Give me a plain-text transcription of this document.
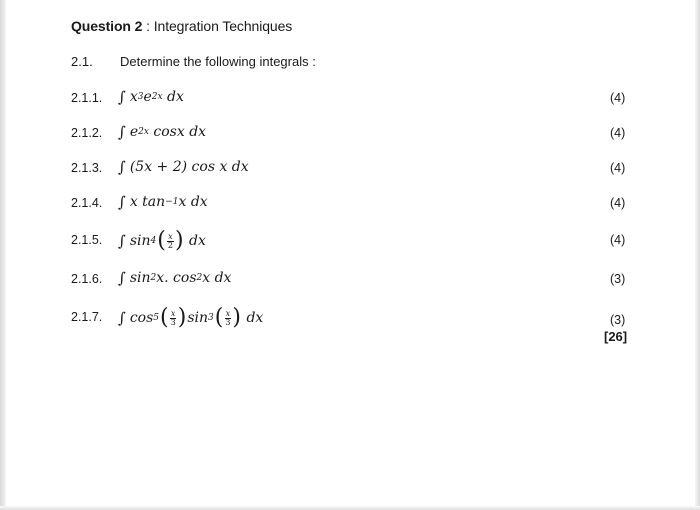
Question 2 : Integration Techniques
2.1. Determine the following integrals :
2.1.1. ∫ x 3 e 2x
dx	(4)
2.1.2. ∫ e 2x
cosx
dx	(4)
2.1.3. ∫ (5x + 2) cos x
dx	(4)
2.1.4. ∫ x tan −1 x
dx	(4)
2.1.5. ∫ sin 4 ( x
2 )
dx	(4)
2.1.6. ∫ sin 2 x. cos 2 x
dx	(3)
2.1.7. ∫ cos 5 ( x
3 ) sin 3 ( x
3 )
dx	(3)
[26]
